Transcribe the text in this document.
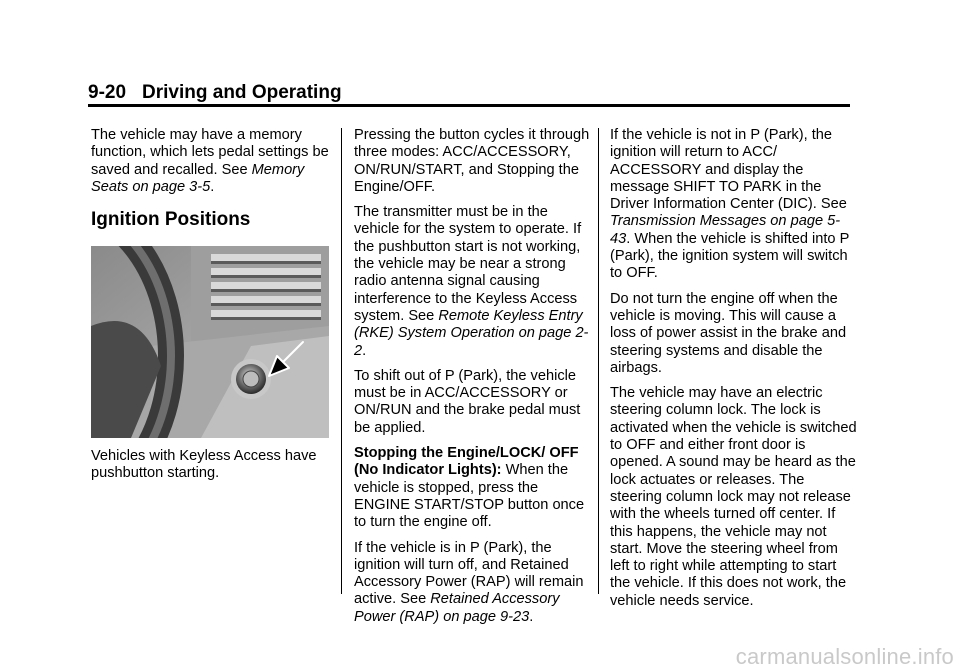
9-20 Driving and Operating

The vehicle may have a memory function, which lets pedal settings be saved and recalled. See Memory Seats on page 3-5.

Ignition Positions

Vehicles with Keyless Access have pushbutton starting.

Pressing the button cycles it through three modes: ACC/ACCESSORY, ON/RUN/START, and Stopping the Engine/OFF.

The transmitter must be in the vehicle for the system to operate. If the pushbutton start is not working, the vehicle may be near a strong radio antenna signal causing interference to the Keyless Access system. See Remote Keyless Entry (RKE) System Operation on page 2-2.

To shift out of P (Park), the vehicle must be in ACC/ACCESSORY or ON/RUN and the brake pedal must be applied.

Stopping the Engine/LOCK/ OFF (No Indicator Lights): When the vehicle is stopped, press the ENGINE START/STOP button once to turn the engine off.

If the vehicle is in P (Park), the ignition will turn off, and Retained Accessory Power (RAP) will remain active. See Retained Accessory Power (RAP) on page 9-23.

If the vehicle is not in P (Park), the ignition will return to ACC/ ACCESSORY and display the message SHIFT TO PARK in the Driver Information Center (DIC). See Transmission Messages on page 5-43. When the vehicle is shifted into P (Park), the ignition system will switch to OFF.

Do not turn the engine off when the vehicle is moving. This will cause a loss of power assist in the brake and steering systems and disable the airbags.

The vehicle may have an electric steering column lock. The lock is activated when the vehicle is switched to OFF and either front door is opened. A sound may be heard as the lock actuates or releases. The steering column lock may not release with the wheels turned off center. If this happens, the vehicle may not start. Move the steering wheel from left to right while attempting to start the vehicle. If this does not work, the vehicle needs service.

carmanualsonline.info
